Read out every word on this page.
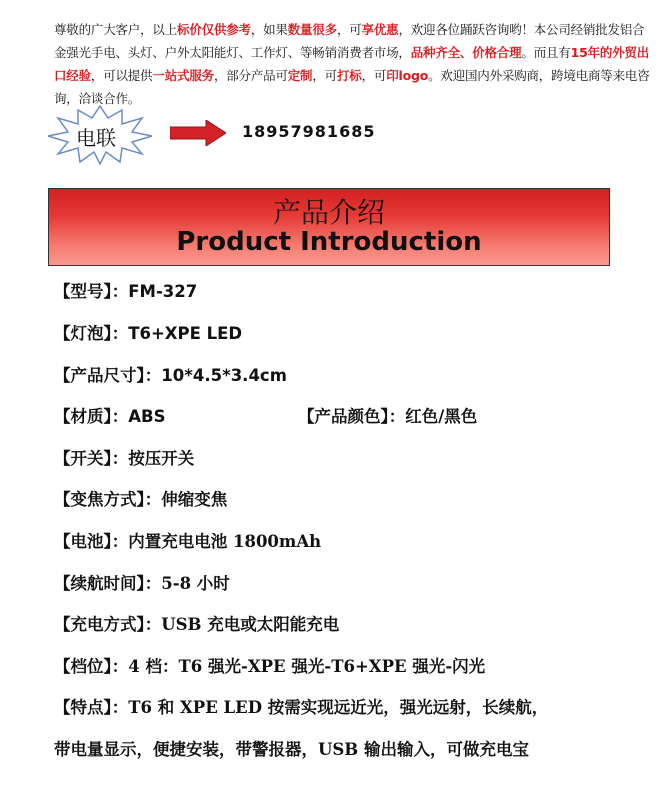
尊敬的广大客户，以上标价仅供参考，如果数量很多，可享优惠，欢迎各位踊跃咨询哟！本公司经销批发铝合金强光手电、头灯、户外太阳能灯、工作灯、等畅销消费者市场，品种齐全、价格合理。而且有15年的外贸出口经验，可以提供一站式服务，部分产品可定制，可打标，可印logo。欢迎国内外采购商，跨境电商等来电咨询，洽谈合作。
电联	18957981685
产品介绍
Product Introduction
【型号】：FM-327
【灯泡】：T6+XPE LED
【产品尺寸】：10*4.5*3.4cm
【材质】：ABS	【产品颜色】：红色/黑色
【开关】：按压开关
【变焦方式】：伸缩变焦
【电池】：内置充电电池 1800mAh
【续航时间】：5-8 小时
【充电方式】：USB 充电或太阳能充电
【档位】：4 档：T6 强光-XPE 强光-T6+XPE 强光-闪光
【特点】：T6 和 XPE LED 按需实现远近光，强光远射，长续航，
带电量显示，便捷安装，带警报器，USB 输出输入，可做充电宝
